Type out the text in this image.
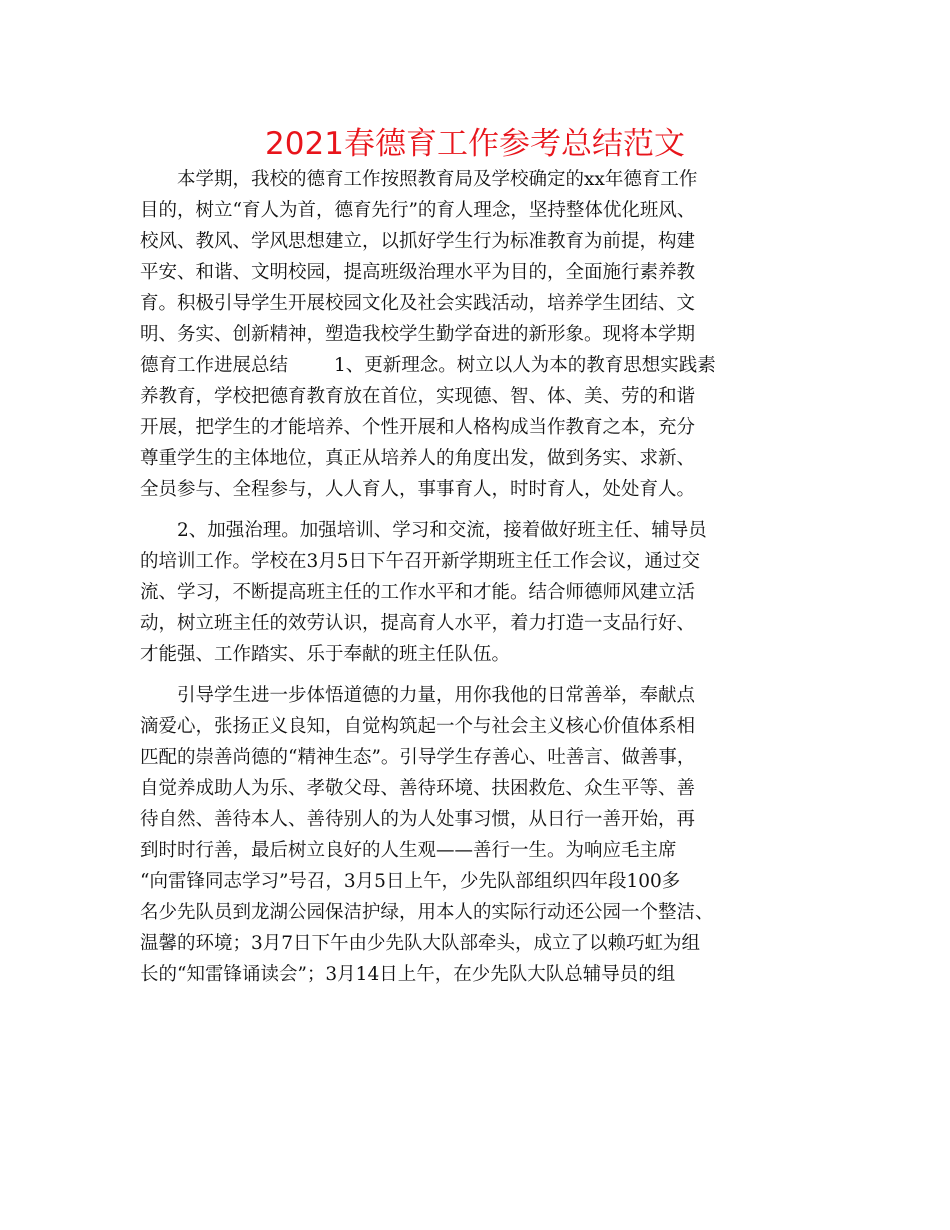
2021春德育工作参考总结范文
本学期，我校的德育工作按照教育局及学校确定的xx年德育工作
目的，树立“育人为首，德育先行”的育人理念，坚持整体优化班风、
校风、教风、学风思想建立，以抓好学生行为标准教育为前提，构建
平安、和谐、文明校园，提高班级治理水平为目的，全面施行素养教
育。积极引导学生开展校园文化及社会实践活动，培养学生团结、文
明、务实、创新精神，塑造我校学生勤学奋进的新形象。现将本学期
德育工作进展总结 1、更新理念。树立以人为本的教育思想实践素
养教育，学校把德育教育放在首位，实现德、智、体、美、劳的和谐
开展，把学生的才能培养、个性开展和人格构成当作教育之本，充分
尊重学生的主体地位，真正从培养人的角度出发，做到务实、求新、
全员参与、全程参与，人人育人，事事育人，时时育人，处处育人。
2、加强治理。加强培训、学习和交流，接着做好班主任、辅导员
的培训工作。学校在3月5日下午召开新学期班主任工作会议，通过交
流、学习，不断提高班主任的工作水平和才能。结合师德师风建立活
动，树立班主任的效劳认识，提高育人水平，着力打造一支品行好、
才能强、工作踏实、乐于奉献的班主任队伍。
引导学生进一步体悟道德的力量，用你我他的日常善举，奉献点
滴爱心，张扬正义良知，自觉构筑起一个与社会主义核心价值体系相
匹配的崇善尚德的“精神生态”。引导学生存善心、吐善言、做善事，
自觉养成助人为乐、孝敬父母、善待环境、扶困救危、众生平等、善
待自然、善待本人、善待别人的为人处事习惯，从日行一善开始，再
到时时行善，最后树立良好的人生观——善行一生。为响应毛主席
“向雷锋同志学习”号召，3月5日上午，少先队部组织四年段100多
名少先队员到龙湖公园保洁护绿，用本人的实际行动还公园一个整洁、
温馨的环境；3月7日下午由少先队大队部牵头，成立了以赖巧虹为组
长的“知雷锋诵读会”；3月14日上午，在少先队大队总辅导员的组
